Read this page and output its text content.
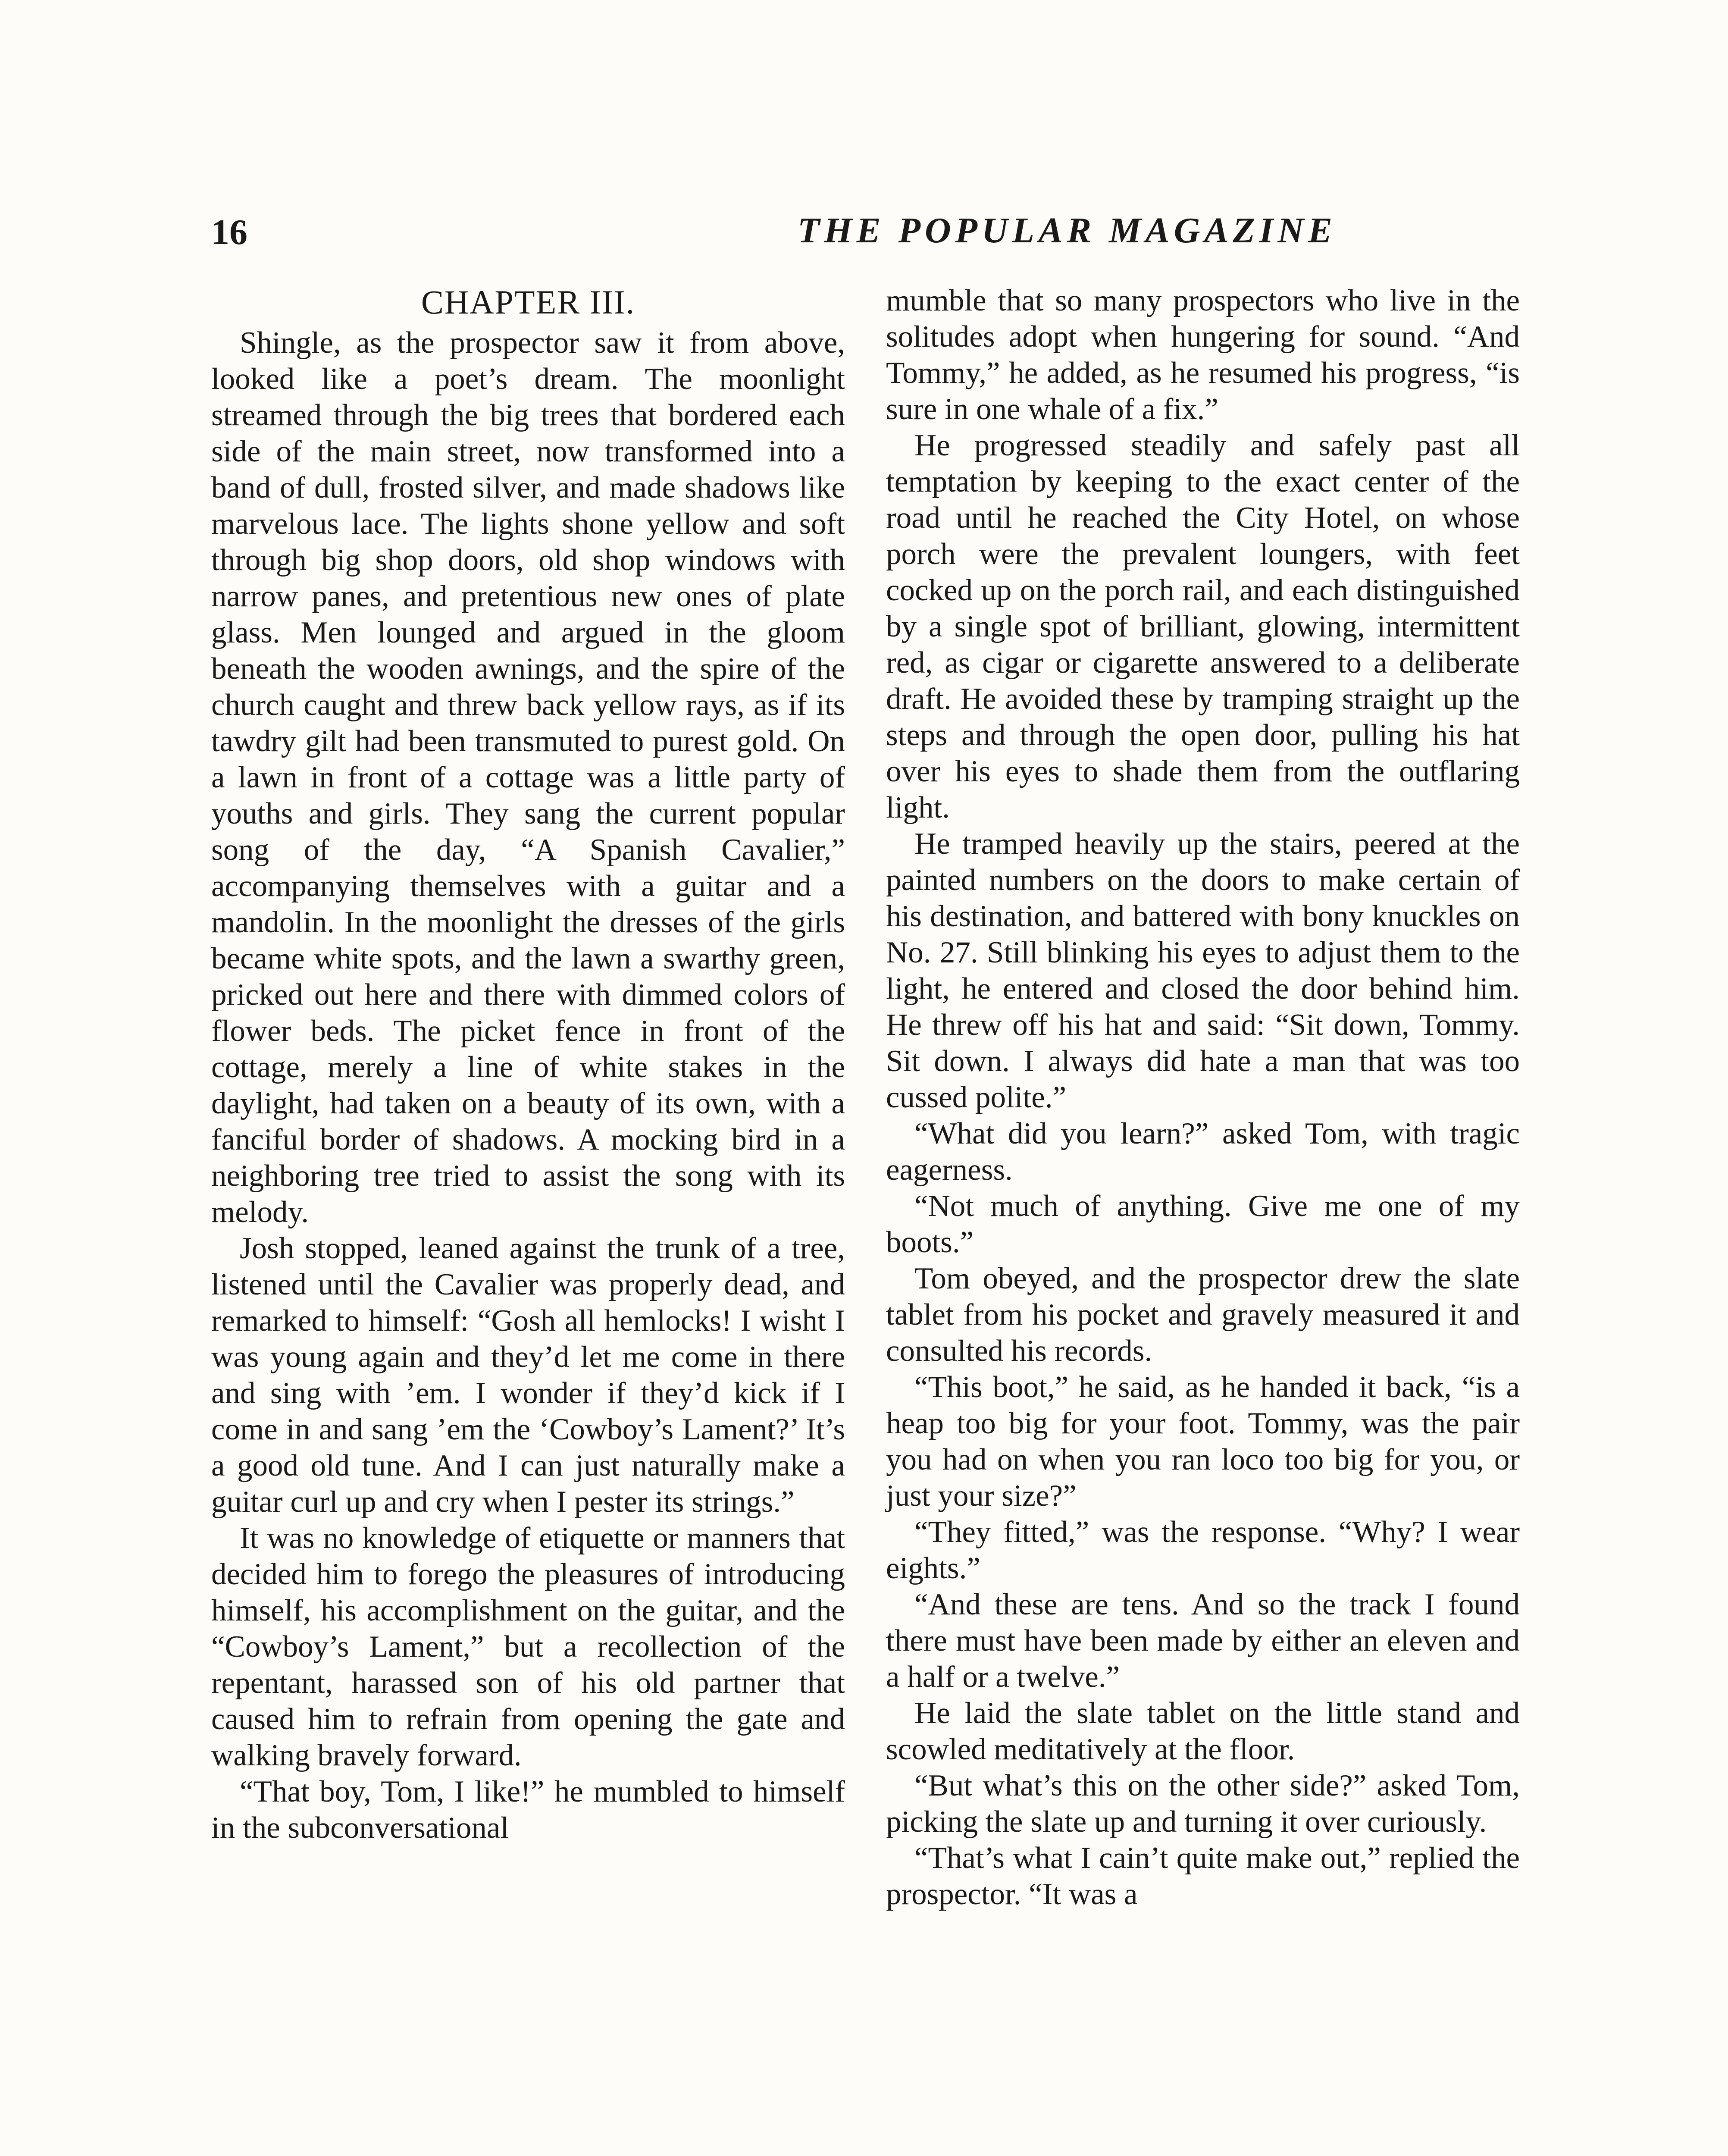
16	THE POPULAR MAGAZINE
CHAPTER III.

Shingle, as the prospector saw it from above, looked like a poet’s dream. The moonlight streamed through the big trees that bordered each side of the main street, now transformed into a band of dull, frosted silver, and made shadows like marvelous lace. The lights shone yellow and soft through big shop doors, old shop windows with narrow panes, and pretentious new ones of plate glass. Men lounged and argued in the gloom beneath the wooden awnings, and the spire of the church caught and threw back yellow rays, as if its tawdry gilt had been transmuted to purest gold. On a lawn in front of a cottage was a little party of youths and girls. They sang the current popular song of the day, “A Spanish Cavalier,” accompanying themselves with a guitar and a mandolin. In the moonlight the dresses of the girls became white spots, and the lawn a swarthy green, pricked out here and there with dimmed colors of flower beds. The picket fence in front of the cottage, merely a line of white stakes in the daylight, had taken on a beauty of its own, with a fanciful border of shadows. A mocking bird in a neighboring tree tried to assist the song with its melody.

Josh stopped, leaned against the trunk of a tree, listened until the Cavalier was properly dead, and remarked to himself: “Gosh all hemlocks! I wisht I was young again and they’d let me come in there and sing with ’em. I wonder if they’d kick if I come in and sang ’em the ‘Cowboy’s Lament?’ It’s a good old tune. And I can just naturally make a guitar curl up and cry when I pester its strings.”

It was no knowledge of etiquette or manners that decided him to forego the pleasures of introducing himself, his accomplishment on the guitar, and the “Cowboy’s Lament,” but a recollection of the repentant, harassed son of his old partner that caused him to refrain from opening the gate and walking bravely forward.

“That boy, Tom, I like!” he mumbled to himself in the subconversational

mumble that so many prospectors who live in the solitudes adopt when hungering for sound. “And Tommy,” he added, as he resumed his progress, “is sure in one whale of a fix.”

He progressed steadily and safely past all temptation by keeping to the exact center of the road until he reached the City Hotel, on whose porch were the prevalent loungers, with feet cocked up on the porch rail, and each distinguished by a single spot of brilliant, glowing, intermittent red, as cigar or cigarette answered to a deliberate draft. He avoided these by tramping straight up the steps and through the open door, pulling his hat over his eyes to shade them from the outflaring light.

He tramped heavily up the stairs, peered at the painted numbers on the doors to make certain of his destination, and battered with bony knuckles on No. 27. Still blinking his eyes to adjust them to the light, he entered and closed the door behind him. He threw off his hat and said: “Sit down, Tommy. Sit down. I always did hate a man that was too cussed polite.”

“What did you learn?” asked Tom, with tragic eagerness.

“Not much of anything. Give me one of my boots.”

Tom obeyed, and the prospector drew the slate tablet from his pocket and gravely measured it and consulted his records.

“This boot,” he said, as he handed it back, “is a heap too big for your foot. Tommy, was the pair you had on when you ran loco too big for you, or just your size?”

“They fitted,” was the response. “Why? I wear eights.”

“And these are tens. And so the track I found there must have been made by either an eleven and a half or a twelve.”

He laid the slate tablet on the little stand and scowled meditatively at the floor.

“But what’s this on the other side?” asked Tom, picking the slate up and turning it over curiously.

“That’s what I cain’t quite make out,” replied the prospector. “It was a
